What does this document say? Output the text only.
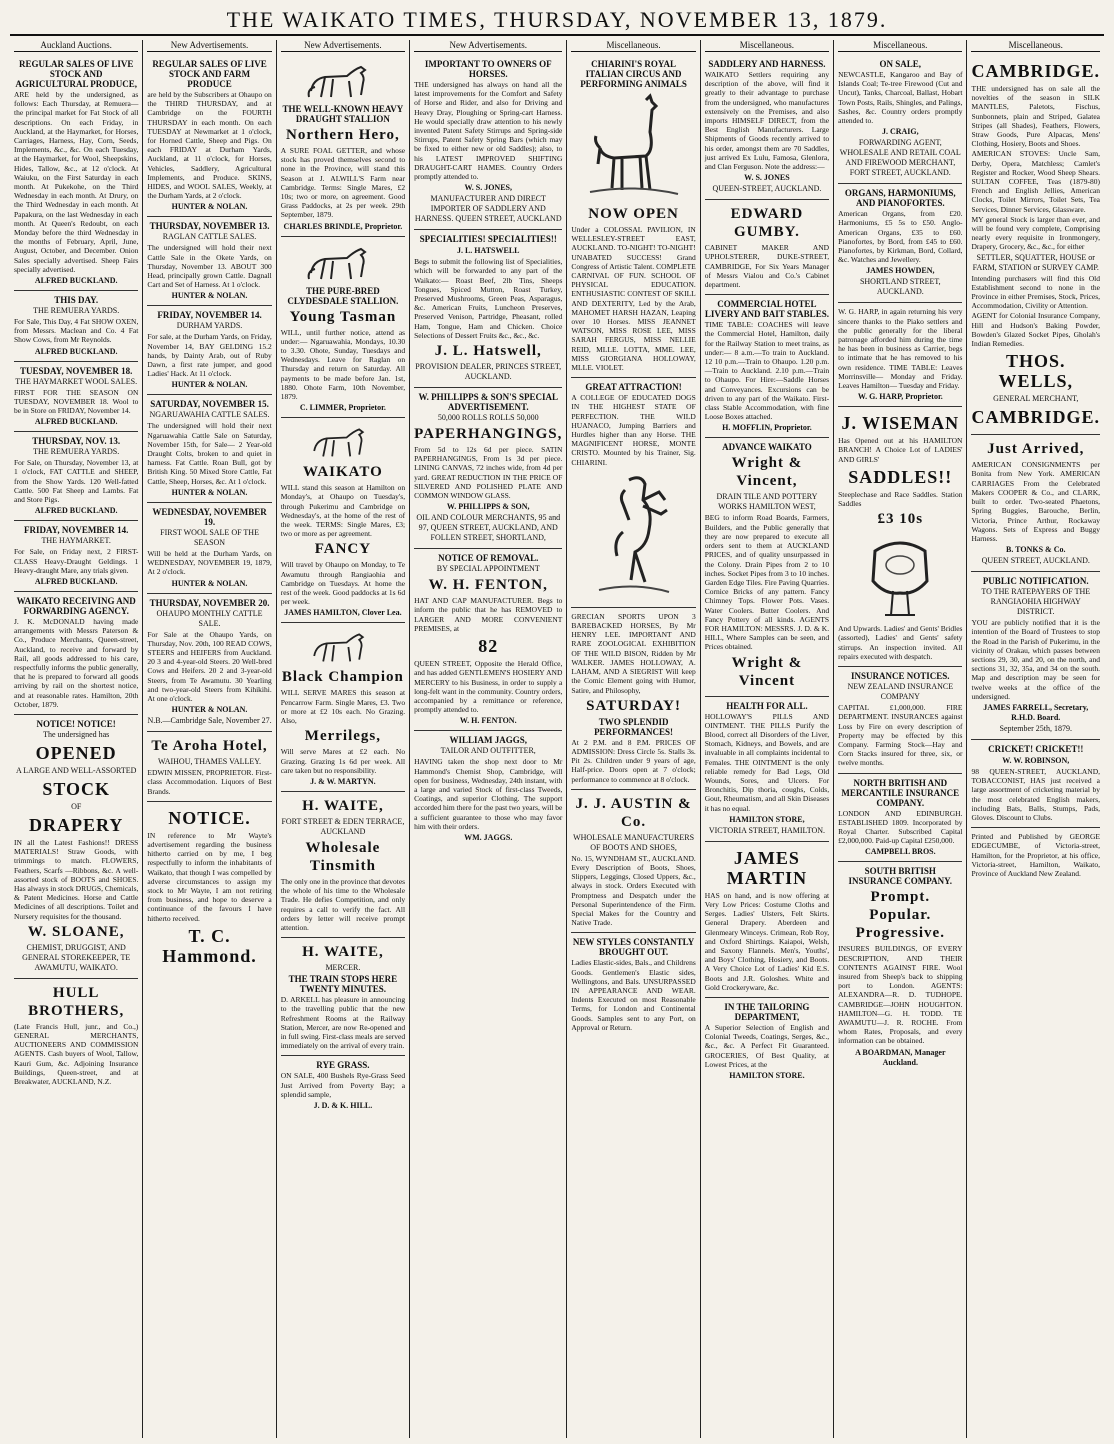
THE WAIKATO TIMES, THURSDAY, NOVEMBER 13, 1879.
Auckland Auctions.
REGULAR SALES OF LIVE STOCK AND AGRICULTURAL PRODUCE,
ARE held by the undersigned, as follows: Each Thursday, at Remuera—the principal market for Fat Stock of all descriptions. On each Friday, in Auckland, at the Haymarket, for Horses, Carriages, Harness, Hay, Corn, Seeds, Implements, &c., &c. On each Tuesday, at the Haymarket, for Wool, Sheepskins, Hides, Tallow, &c., at 12 o'clock. At Waiuku, on the First Saturday in each month. At Pukekohe, on the Third Wednesday in each month. At Drury, on the Third Wednesday in each month. At Papakura, on the last Wednesday in each month. At Queen's Redoubt, on each Monday before the third Wednesday in the months of February, April, June, August, October, and December. Onion Sales specially advertised. Sheep Fairs specially advertised.
ALFRED BUCKLAND.
THIS DAY.
THE REMUERA YARDS.
For Sale, This Day, 4 Fat SHOW OXEN, from Messrs. Maclean and Co. 4 Fat Show Cows, from Mr Reynolds.
ALFRED BUCKLAND.
TUESDAY, NOVEMBER 18.
THE HAYMARKET WOOL SALES.
FIRST FOR THE SEASON ON TUESDAY, NOVEMBER 18. Wool to be in Store on FRIDAY, November 14.
ALFRED BUCKLAND.
THURSDAY, NOV. 13.
THE REMUERA YARDS.
For Sale, on Thursday, November 13, at 1 o'clock, FAT CATTLE and SHEEP, from the Show Yards. 120 Well-fatted Cattle. 500 Fat Sheep and Lambs. Fat and Store Pigs.
ALFRED BUCKLAND.
FRIDAY, NOVEMBER 14.
THE HAYMARKET.
For Sale, on Friday next, 2 FIRST-CLASS Heavy-Draught Geldings. 1 Heavy-draught Mare, any trials given.
ALFRED BUCKLAND.
WAIKATO RECEIVING AND FORWARDING AGENCY.
J. K. McDONALD having made arrangements with Messrs Paterson & Co., Produce Merchants, Queen-street, Auckland, to receive and forward by Rail, all goods addressed to his care, respectfully informs the public generally, that he is prepared to forward all goods arriving by rail on the shortest notice, and at reasonable rates. Hamilton, 20th October, 1879.
NOTICE! NOTICE!
The undersigned has
OPENED
A LARGE AND WELL-ASSORTED
STOCK
OF
DRAPERY
IN all the Latest Fashions!! DRESS MATERIALS! Straw Goods, with trimmings to match. FLOWERS, Feathers, Scarfs —Ribbons, &c. A well-assorted stock of BOOTS and SHOES. Has always in stock DRUGS, Chemicals, & Patent Medicines. Horse and Cattle Medicines of all descriptions. Toilet and Nursery requisites for the thousand.
W. SLOANE,
CHEMIST, DRUGGIST, AND GENERAL STOREKEEPER, TE AWAMUTU, WAIKATO.
HULL BROTHERS,
(Late Francis Hull, junr., and Co.,) GENERAL MERCHANTS, AUCTIONEERS AND COMMISSION AGENTS. Cash buyers of Wool, Tallow, Kauri Gum, &c. Adjoining Insurance Buildings, Queen-street, and at Breakwater, AUCKLAND, N.Z.
New Advertisements.
REGULAR SALES OF LIVE STOCK AND FARM PRODUCE
are held by the Subscribers at Ohaupo on the THIRD THURSDAY, and at Cambridge on the FOURTH THURSDAY in each month. On each TUESDAY at Newmarket at 1 o'clock, for Horned Cattle, Sheep and Pigs. On each FRIDAY at Durham Yards, Auckland, at 11 o'clock, for Horses, Vehicles, Saddlery, Agricultural Implements, and Produce. SKINS, HIDES, and WOOL SALES, Weekly, at the Durham Yards, at 2 o'clock.
HUNTER & NOLAN.
THURSDAY, NOVEMBER 13.
RAGLAN CATTLE SALES.
The undersigned will hold their next Cattle Sale in the Okete Yards, on Thursday, November 13. ABOUT 300 Head, principally grown Cattle. Dagnall Cart and Set of Harness. At 1 o'clock.
HUNTER & NOLAN.
FRIDAY, NOVEMBER 14.
DURHAM YARDS.
For sale, at the Durham Yards, on Friday, November 14, BAY GELDING 15.2 hands, by Dainty Arab, out of Ruby Dawn, a first rate jumper, and good Ladies' Hack. At 11 o'clock.
HUNTER & NOLAN.
SATURDAY, NOVEMBER 15.
NGARUAWAHIA CATTLE SALES.
The undersigned will hold their next Ngaruawahia Cattle Sale on Saturday, November 15th, for Sale— 2 Year-old Draught Colts, broken to and quiet in harness. Fat Cattle. Roan Bull, got by British King. 50 Mixed Store Cattle, Fat Cattle, Sheep, Horses, &c. At 1 o'clock.
HUNTER & NOLAN.
WEDNESDAY, NOVEMBER 19.
FIRST WOOL SALE OF THE SEASON
Will be held at the Durham Yards, on WEDNESDAY, NOVEMBER 19, 1879, At 2 o'clock.
HUNTER & NOLAN.
THURSDAY, NOVEMBER 20.
OHAUPO MONTHLY CATTLE SALE.
For Sale at the Ohaupo Yards, on Thursday, Nov. 20th, 100 READ COWS, STEERS and HEIFERS from Auckland. 20 3 and 4-year-old Steers. 20 Well-bred Cows and Heifers. 20 2 and 3-year-old Steers, from Te Awamutu. 30 Yearling and two-year-old Steers from Kihikihi. At one o'clock.
HUNTER & NOLAN.
N.B.—Cambridge Sale, November 27.
Te Aroha Hotel,
WAIHOU, THAMES VALLEY.
EDWIN MISSEN, PROPRIETOR. First-class Accommodation. Liquors of Best Brands.
NOTICE.
IN reference to Mr Wayte's advertisement regarding the business hitherto carried on by me, I beg respectfully to inform the inhabitants of Waikato, that though I was compelled by adverse circumstances to assign my stock to Mr Wayte, I am not retiring from business, and hope to deserve a continuance of the favours I have hitherto received.
T. C. Hammond.
New Advertisements.
THE WELL-KNOWN HEAVY DRAUGHT STALLION
Northern Hero,
A SURE FOAL GETTER, and whose stock has proved themselves second to none in the Province, will stand this Season at J. ALWILL'S Farm near Cambridge. Terms: Single Mares, £2 10s; two or more, on agreement. Good Grass Paddocks, at 2s per week. 29th September, 1879.
CHARLES BRINDLE, Proprietor.
THE PURE-BRED CLYDESDALE STALLION.
Young Tasman
WILL, until further notice, attend as under:— Ngaruawahia, Mondays, 10.30 to 3.30. Ohote, Sunday, Tuesdays and Wednesdays. Leave for Raglan on Thursday and return on Saturday. All payments to be made before Jan. 1st, 1880. Ohote Farm, 10th November, 1879.
C. LIMMER, Proprietor.
WAIKATO
WILL stand this season at Hamilton on Monday's, at Ohaupo on Tuesday's, through Pukerimu and Cambridge on Wednesday's, at the home of the rest of the week. TERMS: Single Mares, £3; two or more as per agreement.
FANCY
Will travel by Ohaupo on Monday, to Te Awamutu through Rangiaohia and Cambridge on Tuesdays. At home the rest of the week. Good paddocks at 1s 6d per week.
JAMES HAMILTON, Clover Lea.
Black Champion
WILL SERVE MARES this season at Pencarrow Farm. Single Mares, £3. Two or more at £2 10s each. No Grazing. Also,
Merrilegs,
Will serve Mares at £2 each. No Grazing. Grazing 1s 6d per week. All care taken but no responsibility.
J. & W. MARTYN.
H. WAITE,
FORT STREET & EDEN TERRACE, AUCKLAND
Wholesale Tinsmith
The only one in the province that devotes the whole of his time to the Wholesale Trade. He defies Competition, and only requires a call to verify the fact. All orders by letter will receive prompt attention.
H. WAITE,
MERCER.
THE TRAIN STOPS HERE TWENTY MINUTES.
D. ARKELL has pleasure in announcing to the travelling public that the new Refreshment Rooms at the Railway Station, Mercer, are now Re-opened and in full swing. First-class meals are served immediately on the arrival of every train.
RYE GRASS.
ON SALE, 400 Bushels Rye-Grass Seed Just Arrived from Poverty Bay; a splendid sample,
J. D. & K. HILL.
New Advertisements.
IMPORTANT TO OWNERS OF HORSES.
THE undersigned has always on hand all the latest improvements for the Comfort and Safety of Horse and Rider, and also for Driving and Heavy Dray, Ploughing or Spring-cart Harness. He would specially draw attention to his newly invented Patent Safety Stirrups and Spring-side Stirrups, Patent Safety Spring Bars (which may be fixed to either new or old Saddles); also, to his LATEST IMPROVED SHIFTING DRAUGHT-CART HAMES. Country Orders promptly attended to.
W. S. JONES,
MANUFACTURER AND DIRECT IMPORTER OF SADDLERY AND HARNESS. QUEEN STREET, AUCKLAND
SPECIALITIES! SPECIALITIES!!
J. L. HATSWELL
Begs to submit the following list of Specialities, which will be forwarded to any part of the Waikato:— Roast Beef, 2lb Tins, Sheeps Tongues, Spiced Mutton, Roast Turkey, Preserved Mushrooms, Green Peas, Asparagus, &c. American Fruits, Luncheon Preserves, Preserved Venison, Partridge, Pheasant, rolled Ham, Tongue, Ham and Chicken. Choice Selections of Dessert Fruits &c., &c., &c.
J. L. Hatswell,
PROVISION DEALER, PRINCES STREET, AUCKLAND.
W. PHILLIPPS & SON'S SPECIAL ADVERTISEMENT.
50,000 ROLLS ROLLS 50,000
PAPERHANGINGS,
From 5d to 12s 6d per piece. SATIN PAPERHANGINGS, From 1s 3d per piece. LINING CANVAS, 72 inches wide, from 4d per yard. GREAT REDUCTION IN THE PRICE OF SILVERED AND POLISHED PLATE AND COMMON WINDOW GLASS.
W. PHILLIPPS & SON,
OIL AND COLOUR MERCHANTS, 95 and 97, QUEEN STREET, AUCKLAND, AND FOLLEN STREET, SHORTLAND,
NOTICE OF REMOVAL.
BY SPECIAL APPOINTMENT
W. H. FENTON,
HAT AND CAP MANUFACTURER. Begs to inform the public that he has REMOVED to LARGER AND MORE CONVENIENT PREMISES, at
82
QUEEN STREET, Opposite the Herald Office, and has added GENTLEMEN'S HOSIERY AND MERCERY to his Business, in order to supply a long-felt want in the community. Country orders, accompanied by a remittance or reference, promptly attended to.
W. H. FENTON.
WILLIAM JAGGS,
TAILOR AND OUTFITTER,
HAVING taken the shop next door to Mr Hammond's Chemist Shop, Cambridge, will open for business, Wednesday, 24th instant, with a large and varied Stock of first-class Tweeds, Coatings, and superior Clothing. The support accorded him there for the past two years, will be a sufficient guarantee to those who may favor him with their orders.
WM. JAGGS.
Miscellaneous.
CHIARINI'S ROYAL ITALIAN CIRCUS AND PERFORMING ANIMALS
NOW OPEN
Under a COLOSSAL PAVILION, IN WELLESLEY-STREET EAST, AUCKLAND. TO-NIGHT! TO-NIGHT! UNABATED SUCCESS! Grand Congress of Artistic Talent. COMPLETE CARNIVAL OF FUN. SCHOOL OF PHYSICAL EDUCATION. ENTHUSIASTIC CONTEST OF SKILL AND DEXTERITY, Led by the Arab, MAHOMET HARSH HAZAN, Leaping over 10 Horses. MISS JEANNET WATSON, MISS ROSE LEE, MISS SARAH FERGUS, MISS NELLIE REID, MLLE. LOTTA, MME. LEE, MISS GIORGIANA HOLLOWAY, MLLE. VIOLET.
GREAT ATTRACTION!
A COLLEGE OF EDUCATED DOGS IN THE HIGHEST STATE OF PERFECTION. THE WILD HUANACO, Jumping Barriers and Hurdles higher than any Horse. THE MAGNIFICENT HORSE, MONTE CRISTO. Mounted by his Trainer, Sig. CHIARINI.
GRECIAN SPORTS UPON 3 BAREBACKED HORSES, By Mr HENRY LEE. IMPORTANT AND RARE ZOOLOGICAL EXHIBITION OF THE WILD BISON, Ridden by Mr WALKER. JAMES HOLLOWAY, A. LAHAM, AND A SIEGRIST Will keep the Comic Element going with Humor, Satire, and Philosophy,
SATURDAY!
TWO SPLENDID PERFORMANCES!
At 2 P.M. and 8 P.M. PRICES OF ADMISSION: Dress Circle 5s. Stalls 3s. Pit 2s. Children under 9 years of age, Half-price. Doors open at 7 o'clock; performance to commence at 8 o'clock.
J. J. AUSTIN & Co.
WHOLESALE MANUFACTURERS OF BOOTS AND SHOES,
No. 15, WYNDHAM ST., AUCKLAND. Every Description of Boots, Shoes, Slippers, Leggings, Closed Uppers, &c., always in stock. Orders Executed with Promptness and Despatch under the Personal Superintendence of the Firm. Special Makes for the Country and Native Trade.
NEW STYLES CONSTANTLY BROUGHT OUT.
Ladies Elastic-sides, Bals., and Childrens Goods. Gentlemen's Elastic sides, Wellingtons, and Bals. UNSURPASSED IN APPEARANCE AND WEAR. Indents Executed on most Reasonable Terms, for London and Continental Goods. Samples sent to any Port, on Approval or Return.
Miscellaneous.
SADDLERY AND HARNESS.
WAIKATO Settlers requiring any description of the above, will find it greatly to their advantage to purchase from the undersigned, who manufactures extensively on the Premises, and also imports HIMSELF DIRECT, from the Best English Manufacturers. Large Shipments of Goods recently arrived to his order, amongst them are 70 Saddles, just arrived Ex Lulu, Famosa, Glenlora, and Clan Ferguson. Note the address:—
W. S. JONES
QUEEN-STREET, AUCKLAND.
EDWARD GUMBY.
CABINET MAKER AND UPHOLSTERER, DUKE-STREET, CAMBRIDGE, For Six Years Manager of Messrs Vialou and Co.'s Cabinet department.
COMMERCIAL HOTEL LIVERY AND BAIT STABLES.
TIME TABLE: COACHES will leave the Commercial Hotel, Hamilton, daily for the Railway Station to meet trains, as under:— 8 a.m.—To train to Auckland. 12 10 p.m.—Train to Ohaupo. 1.20 p.m.—Train to Auckland. 2.10 p.m.—Train to Ohaupo. For Hire:—Saddle Horses and Conveyances. Excursions can be driven to any part of the Waikato. First-class Stable Accommodation, with fine Loose Boxes attached.
H. MOFFLIN, Proprietor.
ADVANCE WAIKATO
Wright & Vincent,
DRAIN TILE AND POTTERY WORKS HAMILTON WEST,
BEG to inform Road Boards, Farmers, Builders, and the Public generally that they are now prepared to execute all orders sent to them at AUCKLAND PRICES, and of quality unsurpassed in the Colony. Drain Pipes from 2 to 10 inches. Socket Pipes from 3 to 10 inches. Garden Edge Tiles. Fire Paving Quarries. Cornice Bricks of any pattern. Fancy Chimney Tops. Flower Pots. Vases. Water Coolers. Butter Coolers. And Fancy Pottery of all kinds. AGENTS FOR HAMILTON: MESSRS. J. D. & K. HILL, Where Samples can be seen, and Prices obtained.
Wright & Vincent
HEALTH FOR ALL.
HOLLOWAY'S PILLS AND OINTMENT. THE PILLS Purify the Blood, correct all Disorders of the Liver, Stomach, Kidneys, and Bowels, and are invaluable in all complaints incidental to Females. THE OINTMENT is the only reliable remedy for Bad Legs, Old Wounds, Sores, and Ulcers. For Bronchitis, Dip thoria, coughs, Colds, Gout, Rheumatism, and all Skin Diseases it has no equal.
HAMILTON STORE,
VICTORIA STREET, HAMILTON.
JAMES MARTIN
HAS on hand, and is now offering at Very Low Prices: Costume Cloths and Serges. Ladies' Ulsters, Felt Skirts. General Drapery. Aberdeen and Glenmeary Winceys. Crimean, Rob Roy, and Oxford Shirtings. Kaiapoi, Welsh, and Saxony Flannels. Men's, Youths', and Boys' Clothing, Hosiery, and Boots. A Very Choice Lot of Ladies' Kid E.S. Boots and J.R. Goloshes. White and Gold Crockeryware, &c.
IN THE TAILORING DEPARTMENT,
A Superior Selection of English and Colonial Tweeds, Coatings, Serges, &c., &c., &c. A Perfect Fit Guaranteed. GROCERIES, Of Best Quality, at Lowest Prices, at the
HAMILTON STORE.
Miscellaneous.
ON SALE,
NEWCASTLE, Kangaroo and Bay of Islands Coal; Te-tree Firewood (Cut and Uncut), Tanks, Charcoal, Ballast, Hobart Town Posts, Rails, Shingles, and Palings, Sashes, &c. Country orders promptly attended to.
J. CRAIG,
FORWARDING AGENT, WHOLESALE AND RETAIL COAL AND FIREWOOD MERCHANT, FORT STREET, AUCKLAND.
ORGANS, HARMONIUMS, AND PIANOFORTES.
American Organs, from £20. Harmoniums, £5 5s to £50. Anglo-American Organs, £35 to £60. Pianofortes, by Bord, from £45 to £60. Pianofortes, by Kirkman, Bord, Collard, &c. Watches and Jewellery.
JAMES HOWDEN,
SHORTLAND STREET, AUCKLAND.
W. G. HARP, in again returning his very sincere thanks to the Piako settlers and the public generally for the liberal patronage afforded him during the time he has been in business as Carrier, begs to intimate that he has removed to his own residence. TIME TABLE: Leaves Morrinsville— Monday and Friday. Leaves Hamilton— Tuesday and Friday.
W. G. HARP, Proprietor.
J. WISEMAN
Has Opened out at his HAMILTON BRANCH! A Choice Lot of LADIES' AND GIRLS'
SADDLES!!
Steeplechase and Race Saddles. Station Saddles
£3 10s
And Upwards. Ladies' and Gents' Bridles (assorted), Ladies' and Gents' safety stirrups. An inspection invited. All repairs executed with despatch.
INSURANCE NOTICES.
NEW ZEALAND INSURANCE COMPANY
CAPITAL £1,000,000. FIRE DEPARTMENT. INSURANCES against Loss by Fire on every description of Property may be effected by this Company. Farming Stock—Hay and Corn Stacks insured for three, six, or twelve months.
NORTH BRITISH AND MERCANTILE INSURANCE COMPANY.
LONDON AND EDINBURGH. ESTABLISHED 1809. Incorporated by Royal Charter. Subscribed Capital £2,000,000. Paid-up Capital £250,000.
CAMPBELL BROS.
SOUTH BRITISH INSURANCE COMPANY.
Prompt. Popular. Progressive.
INSURES BUILDINGS, OF EVERY DESCRIPTION, AND THEIR CONTENTS AGAINST FIRE. Wool insured from Sheep's back to shipping port to London. AGENTS: ALEXANDRA—R. D. TUDHOPE. CAMBRIDGE—JOHN HOUGHTON. HAMILTON—G. H. TODD. TE AWAMUTU—J. R. ROCHE. From whom Rates, Proposals, and every information can be obtained.
A BOARDMAN, Manager Auckland.
Miscellaneous.
CAMBRIDGE.
THE undersigned has on sale all the novelties of the season in SILK MANTLES, Paletots, Fischus, Sunbonnets, plain and Striped, Galatea Stripes (all Shades), Feathers, Flowers, Straw Goods, Pure Alpacas, Mens' Clothing, Hosiery, Boots and Shoes.
AMERICAN STOVES: Uncle Sam, Derby, Opera, Matchless; Camlet's Register and Rocker, Wood Sheep Shears. SULTAN COFFEE, Teas (1879-80) French and English Jellies, American Clocks, Toilet Mirrors, Toilet Sets, Tea Services, Dinner Services, Glassware.
MY general Stock is larger than ever, and will be found very complete, Comprising nearly every requisite in Ironmongery, Drapery, Grocery, &c., &c., for either
SETTLER, SQUATTER, HOUSE or FARM, STATION or SURVEY CAMP.
Intending purchasers will find this Old Establishment second to none in the Province in either Premises, Stock, Prices, Accommodation, Civility or Attention.
AGENT for Colonial Insurance Company, Hill and Hudson's Baking Powder, Bowden's Glazed Socket Pipes, Gholah's Indian Remedies.
THOS. WELLS,
GENERAL MERCHANT,
CAMBRIDGE.
Just Arrived,
AMERICAN CONSIGNMENTS per Bonita from New York. AMERICAN CARRIAGES From the Celebrated Makers COOPER & Co., and CLARK, built to order. Two-seated Phaetons, Spring Buggies, Barouche, Berlin, Victoria, Prince Arthur, Rockaway Wagons. Sets of Express and Buggy Harness.
B. TONKS & Co.
QUEEN STREET, AUCKLAND.
PUBLIC NOTIFICATION.
TO THE RATEPAYERS OF THE RANGIAOHIA HIGHWAY DISTRICT.
YOU are publicly notified that it is the intention of the Board of Trustees to stop the Road in the Parish of Pukerimu, in the vicinity of Orakau, which passes between sections 29, 30, and 20, on the north, and sections 31, 32, 35a, and 34 on the south. Map and description may be seen for twelve weeks at the office of the undersigned.
JAMES FARRELL, Secretary, R.H.D. Board.
September 25th, 1879.
CRICKET! CRICKET!!
W. W. ROBINSON,
98 QUEEN-STREET, AUCKLAND, TOBACCONIST, HAS just received a large assortment of cricketing material by the most celebrated English makers, including Bats, Balls, Stumps, Pads, Gloves. Discount to Clubs.
Printed and Published by GEORGE EDGECUMBE, of Victoria-street, Hamilton, for the Proprietor, at his office, Victoria-street, Hamilton, Waikato, Province of Auckland New Zealand.
